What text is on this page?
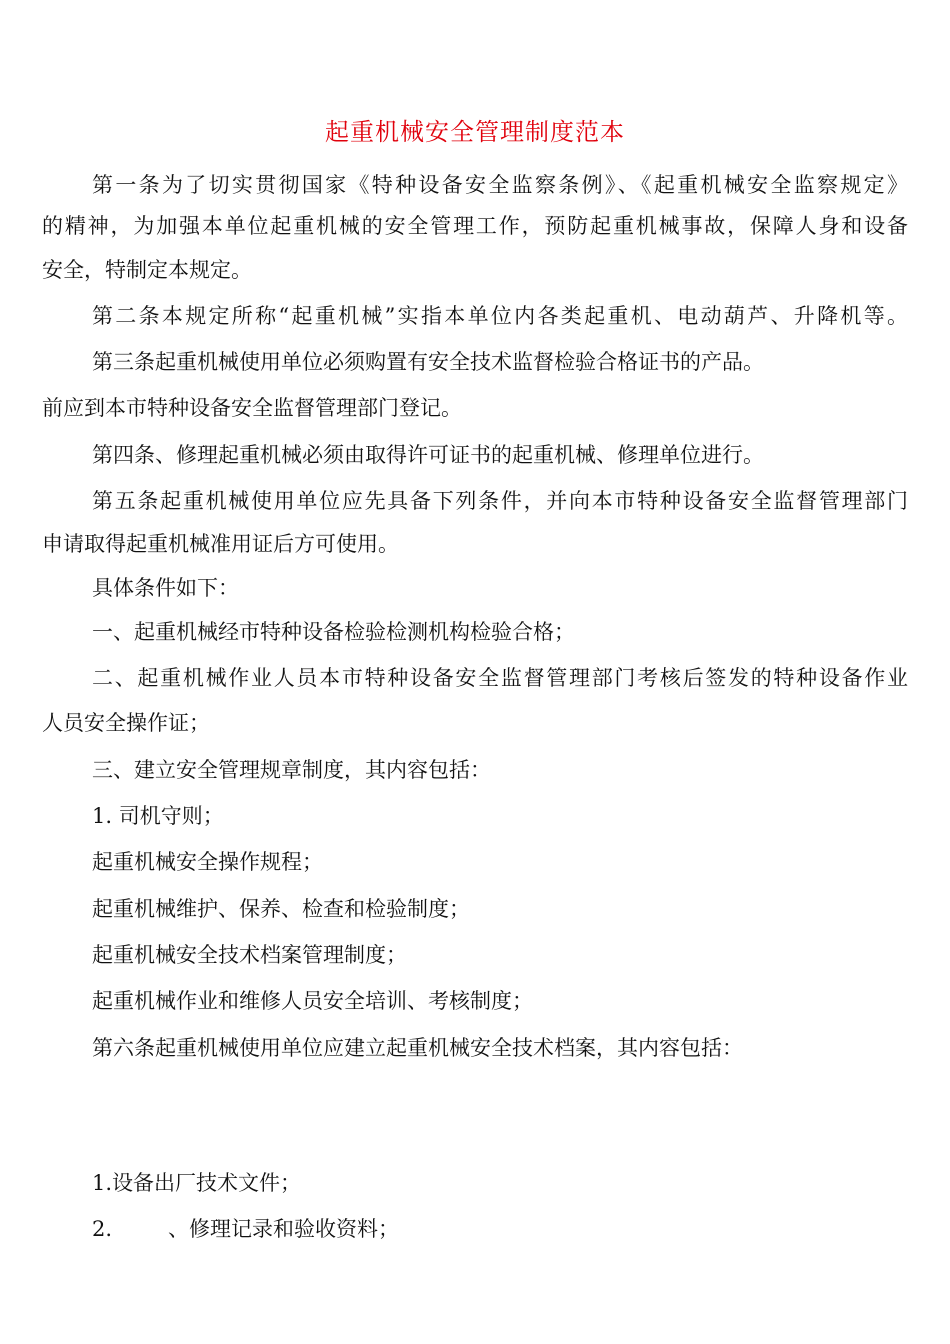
起重机械安全管理制度范本
第一条为了切实贯彻国家《特种设备安全监察条例》、《起重机械安全监察规定》
的精神，为加强本单位起重机械的安全管理工作，预防起重机械事故，保障人身和设备
安全，特制定本规定。
第二条本规定所称“起重机械”实指本单位内各类起重机、电动葫芦、升降机等。
第三条起重机械使用单位必须购置有安全技术监督检验合格证书的产品。
前应到本市特种设备安全监督管理部门登记。
第四条、修理起重机械必须由取得许可证书的起重机械、修理单位进行。
第五条起重机械使用单位应先具备下列条件，并向本市特种设备安全监督管理部门
申请取得起重机械准用证后方可使用。
具体条件如下：
一、起重机械经市特种设备检验检测机构检验合格；
二、起重机械作业人员本市特种设备安全监督管理部门考核后签发的特种设备作业
人员安全操作证；
三、建立安全管理规章制度，其内容包括：
1. 司机守则；
起重机械安全操作规程；
起重机械维护、保养、检查和检验制度；
起重机械安全技术档案管理制度；
起重机械作业和维修人员安全培训、考核制度；
第六条起重机械使用单位应建立起重机械安全技术档案，其内容包括：
1.设备出厂技术文件；
2.	、修理记录和验收资料；
